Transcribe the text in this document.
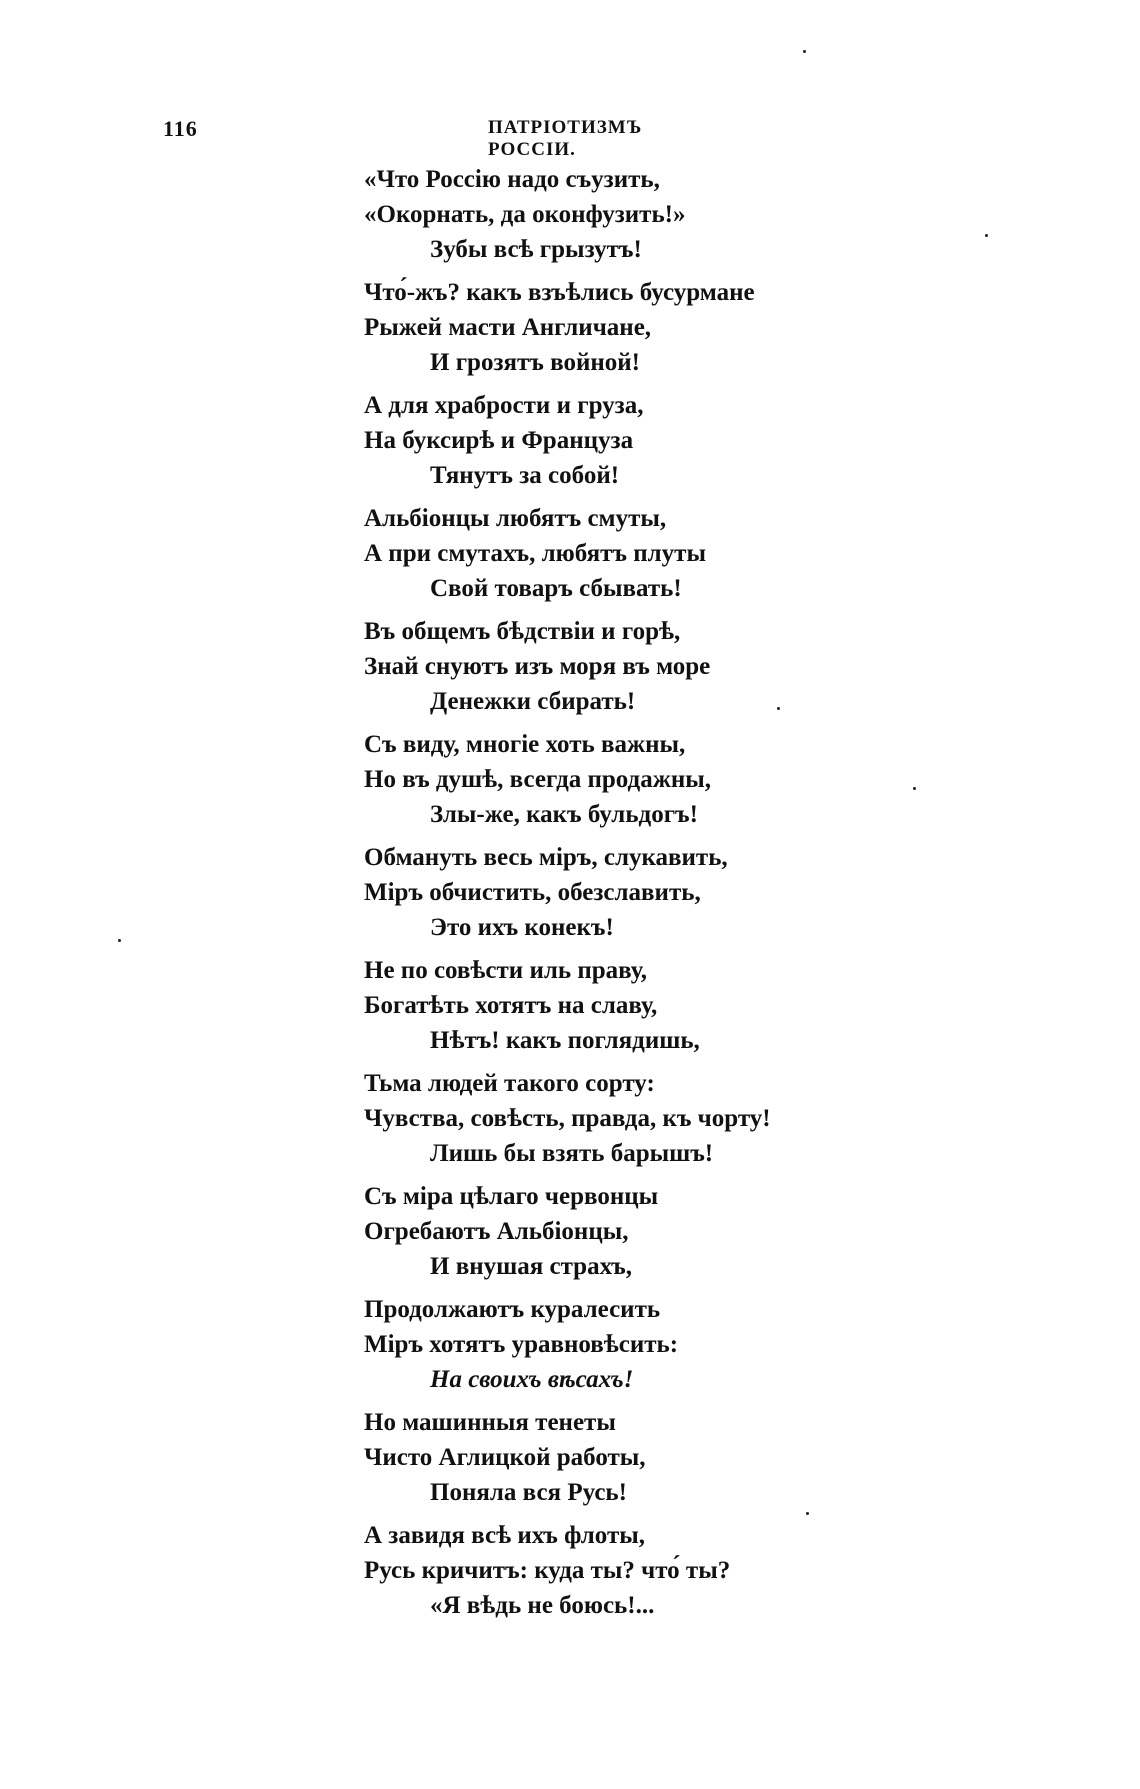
116	ПАТРІОТИЗМЪ РОССІИ.
«Что Россію надо съузить,
«Окорнать, да оконфузить!»
Зубы всѣ грызутъ!
Что́-жъ? какъ взъѣлись бусурмане
Рыжей масти Англичане,
И грозятъ войной!
А для храбрости и груза,
На буксирѣ и Француза
Тянутъ за собой!
Альбіонцы любятъ смуты,
А при смутахъ, любятъ плуты
Свой товаръ сбывать!
Въ общемъ бѣдствіи и горѣ,
Знай снуютъ изъ моря въ море
Денежки сбирать!
Съ виду, многіе хоть важны,
Но въ душѣ, всегда продажны,
Злы-же, какъ бульдогъ!
Обмануть весь міръ, слукавить,
Міръ обчистить, обезславить,
Это ихъ конекъ!
Не по совѣсти иль праву,
Богатѣть хотятъ на славу,
Нѣтъ! какъ поглядишь,
Тьма людей такого сорту:
Чувства, совѣсть, правда, къ чорту!
Лишь бы взять барышъ!
Съ міра цѣлаго червонцы
Огребаютъ Альбіонцы,
И внушая страхъ,
Продолжаютъ куралесить
Міръ хотятъ уравновѣсить:
На своихъ вѣсахъ!
Но машинныя тенеты
Чисто Аглицкой работы,
Поняла вся Русь!
А завидя всѣ ихъ флоты,
Русь кричитъ: куда ты? что́ ты?
«Я вѣдь не боюсь!...
